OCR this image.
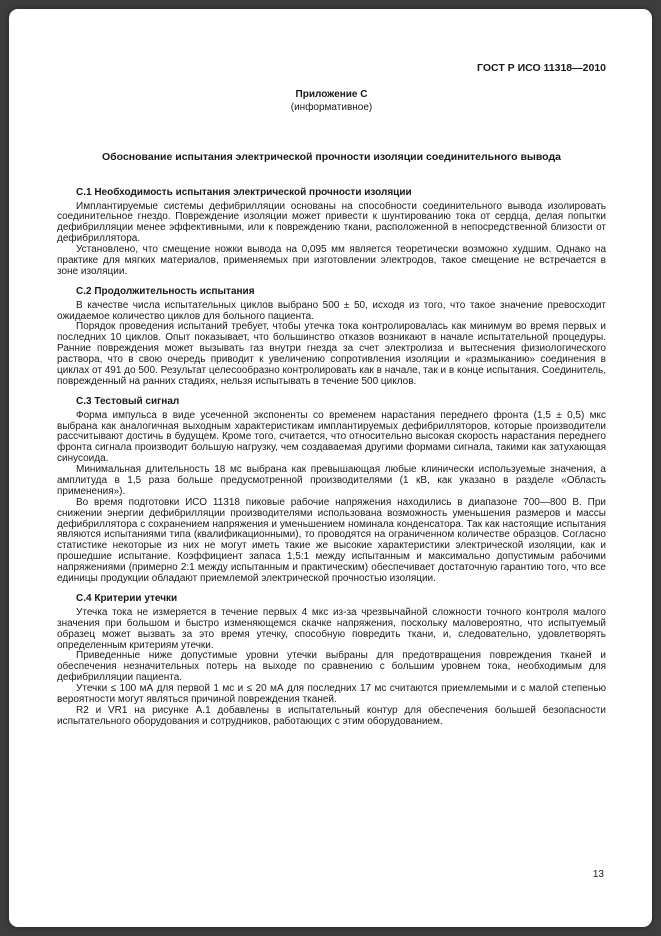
ГОСТ Р ИСО 11318—2010
Приложение С
(информативное)
Обоснование испытания электрической прочности изоляции соединительного вывода
С.1 Необходимость испытания электрической прочности изоляции

Имплантируемые системы дефибрилляции основаны на способности соединительного вывода изолировать соединительное гнездо. Повреждение изоляции может привести к шунтированию тока от сердца, делая попытки дефибрилляции менее эффективными, или к повреждению ткани, расположенной в непосредственной близости от дефибриллятора.

Установлено, что смещение ножки вывода на 0,095 мм является теоретически возможно худшим. Однако на практике для мягких материалов, применяемых при изготовлении электродов, такое смещение не встречается в зоне изоляции.

С.2 Продолжительность испытания

В качестве числа испытательных циклов выбрано 500 ± 50, исходя из того, что такое значение превосходит ожидаемое количество циклов для больного пациента.

Порядок проведения испытаний требует, чтобы утечка тока контролировалась как минимум во время первых и последних 10 циклов. Опыт показывает, что большинство отказов возникают в начале испытательной процедуры. Ранние повреждения может вызывать газ внутри гнезда за счет электролиза и вытеснения физиологического раствора, что в свою очередь приводит к увеличению сопротивления изоляции и «размыканию» соединения в циклах от 491 до 500. Результат целесообразно контролировать как в начале, так и в конце испытания. Соединитель, поврежденный на ранних стадиях, нельзя испытывать в течение 500 циклов.

С.3 Тестовый сигнал

Форма импульса в виде усеченной экспоненты со временем нарастания переднего фронта (1,5 ± 0,5) мкс выбрана как аналогичная выходным характеристикам имплантируемых дефибрилляторов, которые производители рассчитывают достичь в будущем. Кроме того, считается, что относительно высокая скорость нарастания переднего фронта сигнала производит большую нагрузку, чем создаваемая другими формами сигнала, такими как затухающая синусоида.

Минимальная длительность 18 мс выбрана как превышающая любые клинически используемые значения, а амплитуда в 1,5 раза больше предусмотренной производителями (1 кВ, как указано в разделе «Область применения»).

Во время подготовки ИСО 11318 пиковые рабочие напряжения находились в диапазоне 700—800 В. При снижении энергии дефибрилляции производителями использована возможность уменьшения размеров и массы дефибриллятора с сохранением напряжения и уменьшением номинала конденсатора. Так как настоящие испытания являются испытаниями типа (квалификационными), то проводятся на ограниченном количестве образцов. Согласно статистике некоторые из них не могут иметь такие же высокие характеристики электрической изоляции, как и прошедшие испытание. Коэффициент запаса 1,5:1 между испытанным и максимально допустимым рабочими напряжениями (примерно 2:1 между испытанным и практическим) обеспечивает достаточную гарантию того, что все единицы продукции обладают приемлемой электрической прочностью изоляции.

С.4 Критерии утечки

Утечка тока не измеряется в течение первых 4 мкс из-за чрезвычайной сложности точного контроля малого значения при большом и быстро изменяющемся скачке напряжения, поскольку маловероятно, что испытуемый образец может вызвать за это время утечку, способную повредить ткани, и, следовательно, удовлетворять определенным критериям утечки.

Приведенные ниже допустимые уровни утечки выбраны для предотвращения повреждения тканей и обеспечения незначительных потерь на выходе по сравнению с большим уровнем тока, необходимым для дефибрилляции пациента.

Утечки ≤ 100 мА для первой 1 мс и ≤ 20 мА для последних 17 мс считаются приемлемыми и с малой степенью вероятности могут являться причиной повреждения тканей.

R2 и VR1 на рисунке А.1 добавлены в испытательный контур для обеспечения большей безопасности испытательного оборудования и сотрудников, работающих с этим оборудованием.

13
